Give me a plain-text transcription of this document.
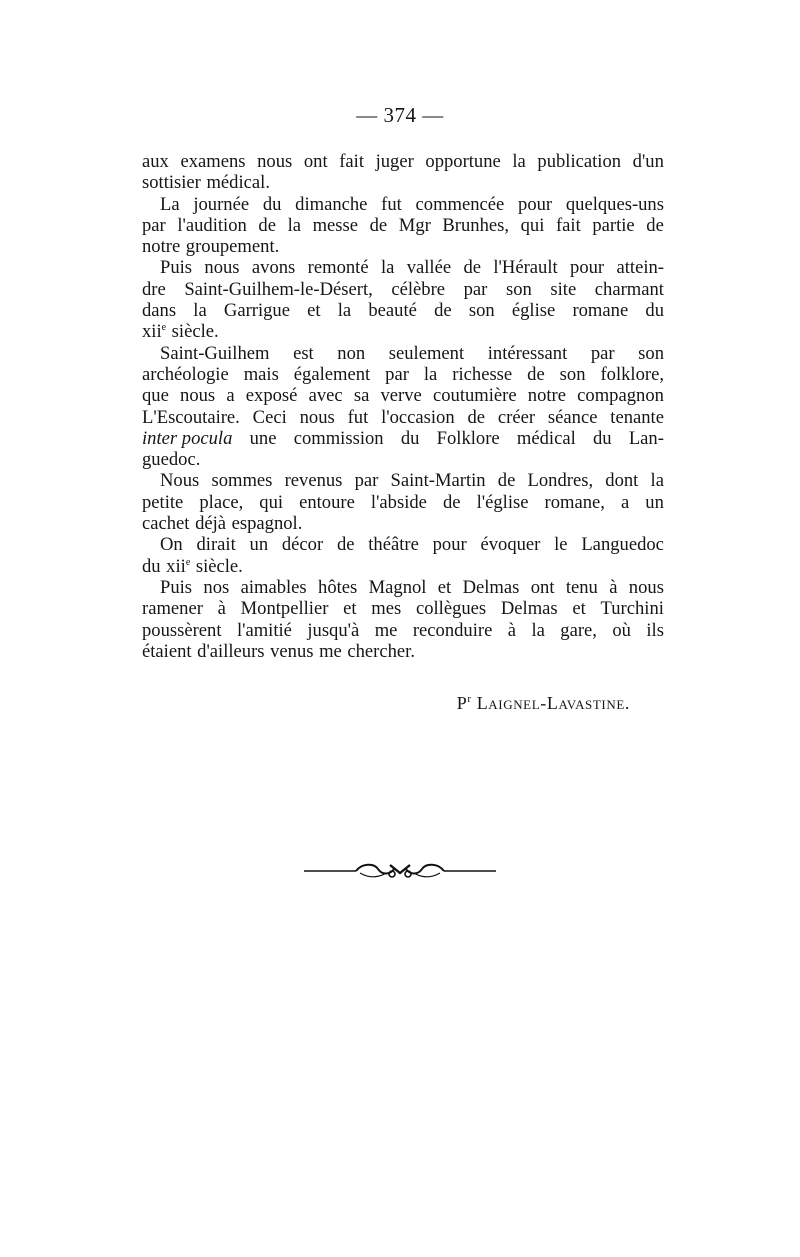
— 374 —
aux examens nous ont fait juger opportune la publication d'un
sottisier médical.
La journée du dimanche fut commencée pour quelques-uns
par l'audition de la messe de Mgr Brunhes, qui fait partie de
notre groupement.
Puis nous avons remonté la vallée de l'Hérault pour attein-
dre Saint-Guilhem-le-Désert, célèbre par son site charmant
dans la Garrigue et la beauté de son église romane du
xii$^e$ siècle.
Saint-Guilhem est non seulement intéressant par son
archéologie mais également par la richesse de son folklore,
que nous a exposé avec sa verve coutumière notre compagnon
L'Escoutaire. Ceci nous fut l'occasion de créer séance tenante
inter pocula une commission du Folklore médical du Lan-
guedoc.
Nous sommes revenus par Saint-Martin de Londres, dont la
petite place, qui entoure l'abside de l'église romane, a un
cachet déjà espagnol.
On dirait un décor de théâtre pour évoquer le Languedoc
du xii$^e$ siècle.
Puis nos aimables hôtes Magnol et Delmas ont tenu à nous
ramener à Montpellier et mes collègues Delmas et Turchini
poussèrent l'amitié jusqu'à me reconduire à la gare, où ils
étaient d'ailleurs venus me chercher.
$P^r$ Laignel-Lavastine.
